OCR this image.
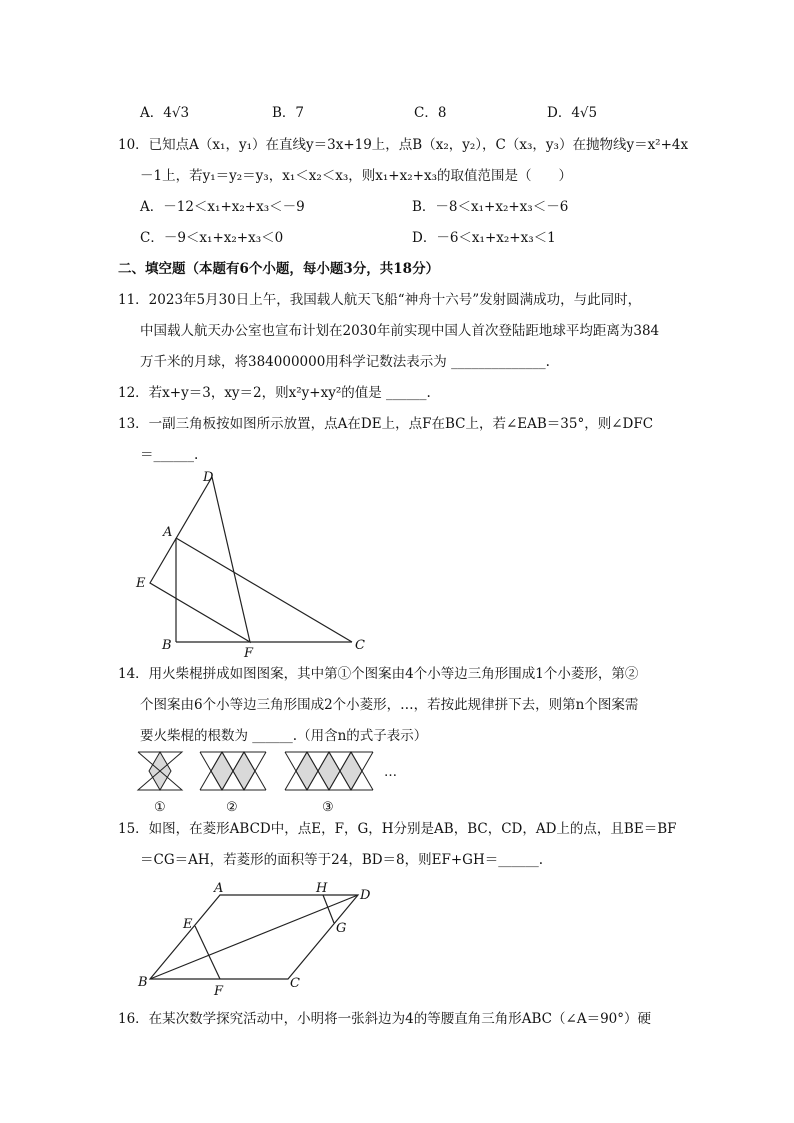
A．4√3	B．7	C．8	D．4√5
10．已知点A（x₁，y₁）在直线y＝3x+19上，点B（x₂，y₂），C（x₃，y₃）在抛物线y＝x²+4x
－1上，若y₁＝y₂＝y₃，x₁＜x₂＜x₃，则x₁+x₂+x₃的取值范围是（　　）
A．－12＜x₁+x₂+x₃＜－9	B．－8＜x₁+x₂+x₃＜－6
C．－9＜x₁+x₂+x₃＜0	D．－6＜x₁+x₂+x₃＜1
二、填空题（本题有6个小题，每小题3分，共18分）
11．2023年5月30日上午，我国载人航天飞船“神舟十六号”发射圆满成功，与此同时，
中国载人航天办公室也宣布计划在2030年前实现中国人首次登陆距地球平均距离为384
万千米的月球，将384000000用科学记数法表示为 ______________.
12．若x+y＝3，xy＝2，则x²y+xy²的值是 ______.
13．一副三角板按如图所示放置，点A在DE上，点F在BC上，若∠EAB＝35°，则∠DFC
＝______.
D
A
E
B
F
C
14．用火柴棍拼成如图图案，其中第①个图案由4个小等边三角形围成1个小菱形，第②
个图案由6个小等边三角形围成2个小菱形，…，若按此规律拼下去，则第n个图案需
要火柴棍的根数为 ______.（用含n的式子表示）
①	②	③
…
15．如图，在菱形ABCD中，点E，F，G，H分别是AB，BC，CD，AD上的点，且BE＝BF
＝CG＝AH，若菱形的面积等于24，BD＝8，则EF+GH＝______.
A	H	D
E	G
B
F
C
16．在某次数学探究活动中，小明将一张斜边为4的等腰直角三角形ABC（∠A＝90°）硬
